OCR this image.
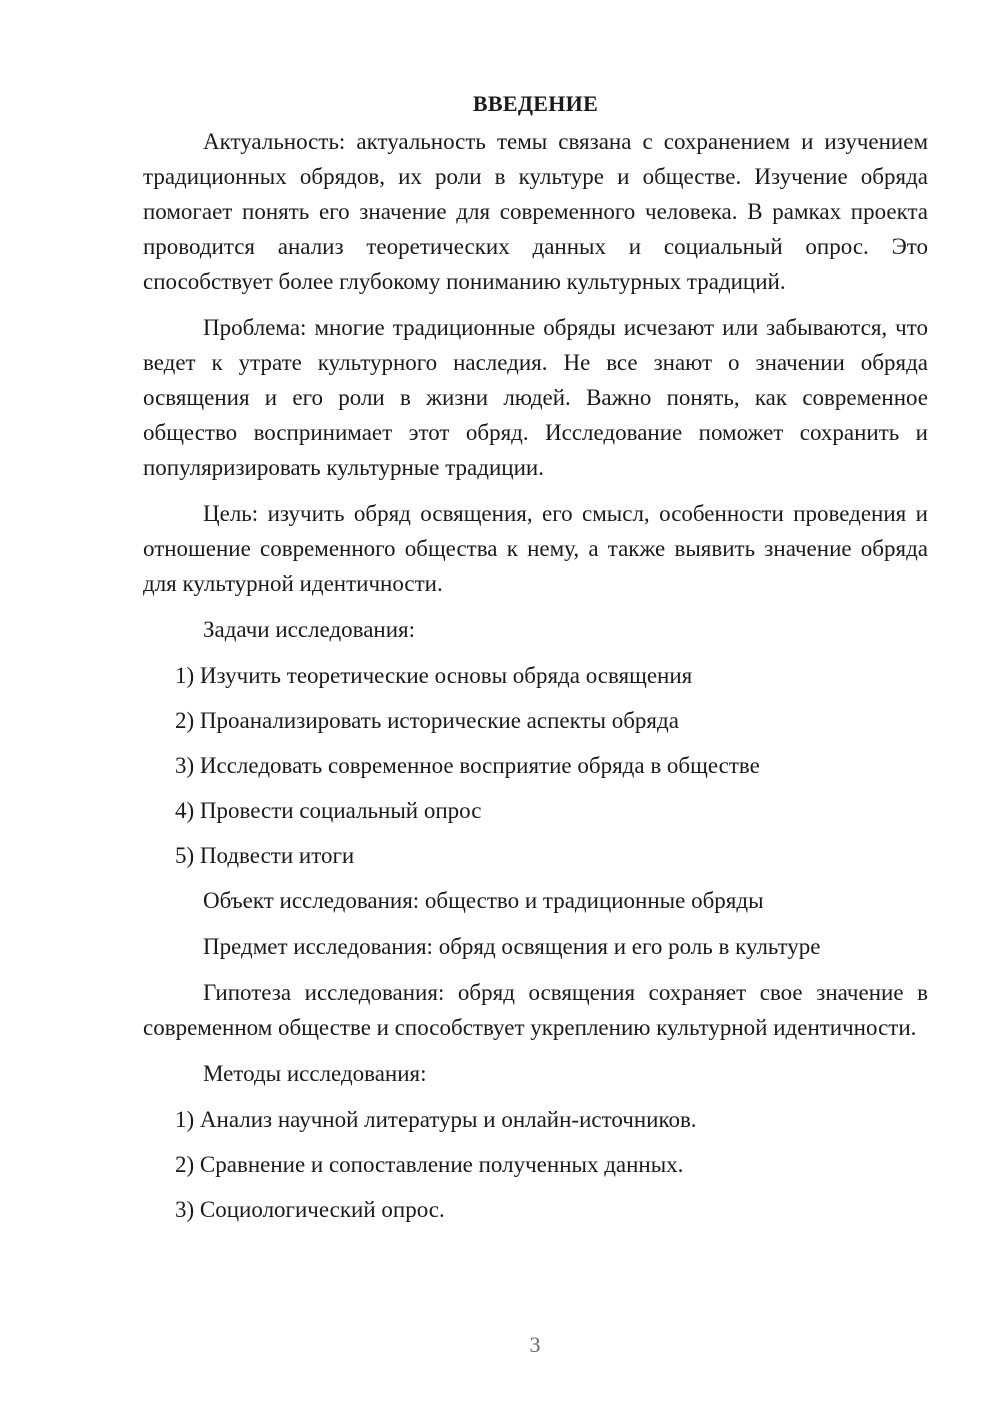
ВВЕДЕНИЕ

Актуальность: актуальность темы связана с сохранением и изучением традиционных обрядов, их роли в культуре и обществе. Изучение обряда помогает понять его значение для современного человека. В рамках проекта проводится анализ теоретических данных и социальный опрос. Это способствует более глубокому пониманию культурных традиций.

Проблема: многие традиционные обряды исчезают или забываются, что ведет к утрате культурного наследия. Не все знают о значении обряда освящения и его роли в жизни людей. Важно понять, как современное общество воспринимает этот обряд. Исследование поможет сохранить и популяризировать культурные традиции.

Цель: изучить обряд освящения, его смысл, особенности проведения и отношение современного общества к нему, а также выявить значение обряда для культурной идентичности.

Задачи исследования:

1) Изучить теоретические основы обряда освящения
2) Проанализировать исторические аспекты обряда
3) Исследовать современное восприятие обряда в обществе
4) Провести социальный опрос
5) Подвести итоги

Объект исследования: общество и традиционные обряды

Предмет исследования: обряд освящения и его роль в культуре

Гипотеза исследования: обряд освящения сохраняет свое значение в современном обществе и способствует укреплению культурной идентичности.

Методы исследования:

1) Анализ научной литературы и онлайн-источников.
2) Сравнение и сопоставление полученных данных.
3) Социологический опрос.
3
